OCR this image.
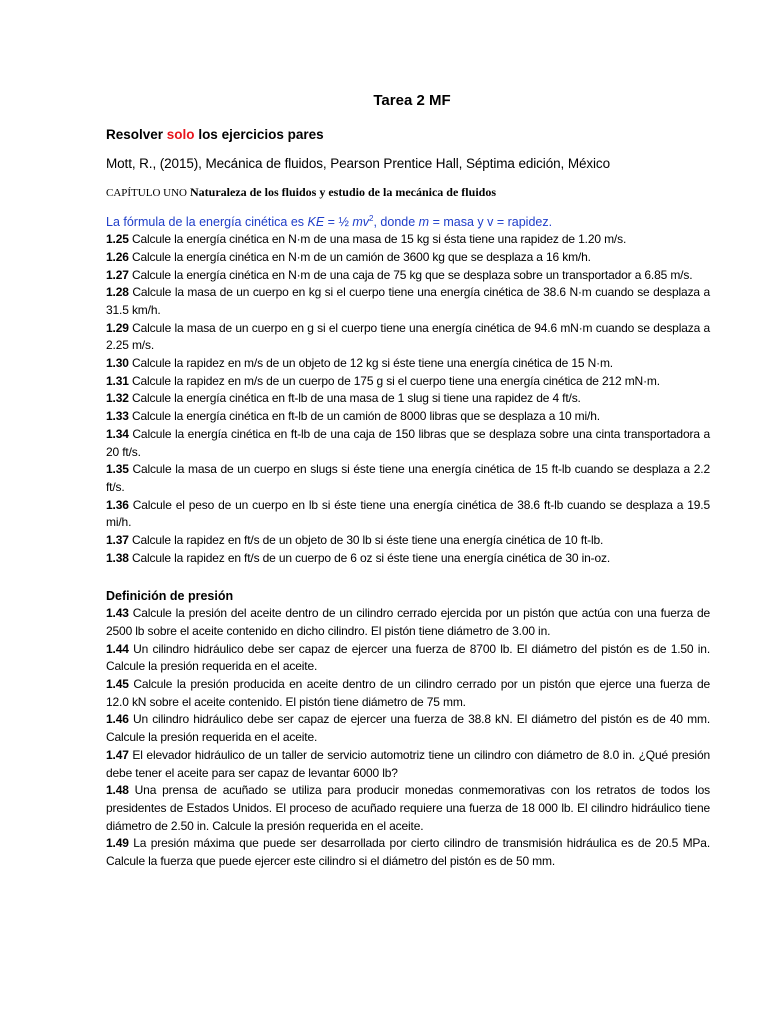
Tarea 2 MF
Resolver solo los ejercicios pares
Mott, R., (2015), Mecánica de fluidos, Pearson Prentice Hall, Séptima edición, México
CAPÍTULO UNO Naturaleza de los fluidos y estudio de la mecánica de fluidos
La fórmula de la energía cinética es KE = ½ $mv^2$, donde m = masa y v = rapidez.

1.25 Calcule la energía cinética en N·m de una masa de 15 kg si ésta tiene una rapidez de 1.20 m/s.

1.26 Calcule la energía cinética en N·m de un camión de 3600 kg que se desplaza a 16 km/h.

1.27 Calcule la energía cinética en N·m de una caja de 75 kg que se desplaza sobre un transportador a 6.85 m/s.

1.28 Calcule la masa de un cuerpo en kg si el cuerpo tiene una energía cinética de 38.6 N·m cuando se desplaza a 31.5 km/h.

1.29 Calcule la masa de un cuerpo en g si el cuerpo tiene una energía cinética de 94.6 mN·m cuando se desplaza a 2.25 m/s.

1.30 Calcule la rapidez en m/s de un objeto de 12 kg si éste tiene una energía cinética de 15 N·m.

1.31 Calcule la rapidez en m/s de un cuerpo de 175 g si el cuerpo tiene una energía cinética de 212 mN·m.

1.32 Calcule la energía cinética en ft-lb de una masa de 1 slug si tiene una rapidez de 4 ft/s.

1.33 Calcule la energía cinética en ft-lb de un camión de 8000 libras que se desplaza a 10 mi/h.

1.34 Calcule la energía cinética en ft-lb de una caja de 150 libras que se desplaza sobre una cinta transportadora a 20 ft/s.

1.35 Calcule la masa de un cuerpo en slugs si éste tiene una energía cinética de 15 ft-lb cuando se desplaza a 2.2 ft/s.

1.36 Calcule el peso de un cuerpo en lb si éste tiene una energía cinética de 38.6 ft-lb cuando se desplaza a 19.5 mi/h.

1.37 Calcule la rapidez en ft/s de un objeto de 30 lb si éste tiene una energía cinética de 10 ft-lb.

1.38 Calcule la rapidez en ft/s de un cuerpo de 6 oz si éste tiene una energía cinética de 30 in-oz.

Definición de presión

1.43 Calcule la presión del aceite dentro de un cilindro cerrado ejercida por un pistón que actúa con una fuerza de 2500 lb sobre el aceite contenido en dicho cilindro. El pistón tiene diámetro de 3.00 in.

1.44 Un cilindro hidráulico debe ser capaz de ejercer una fuerza de 8700 lb. El diámetro del pistón es de 1.50 in. Calcule la presión requerida en el aceite.

1.45 Calcule la presión producida en aceite dentro de un cilindro cerrado por un pistón que ejerce una fuerza de 12.0 kN sobre el aceite contenido. El pistón tiene diámetro de 75 mm.

1.46 Un cilindro hidráulico debe ser capaz de ejercer una fuerza de 38.8 kN. El diámetro del pistón es de 40 mm. Calcule la presión requerida en el aceite.

1.47 El elevador hidráulico de un taller de servicio automotriz tiene un cilindro con diámetro de 8.0 in. ¿Qué presión debe tener el aceite para ser capaz de levantar 6000 lb?

1.48 Una prensa de acuñado se utiliza para producir monedas conmemorativas con los retratos de todos los presidentes de Estados Unidos. El proceso de acuñado requiere una fuerza de 18 000 lb. El cilindro hidráulico tiene diámetro de 2.50 in. Calcule la presión requerida en el aceite.

1.49 La presión máxima que puede ser desarrollada por cierto cilindro de transmisión hidráulica es de 20.5 MPa. Calcule la fuerza que puede ejercer este cilindro si el diámetro del pistón es de 50 mm.
